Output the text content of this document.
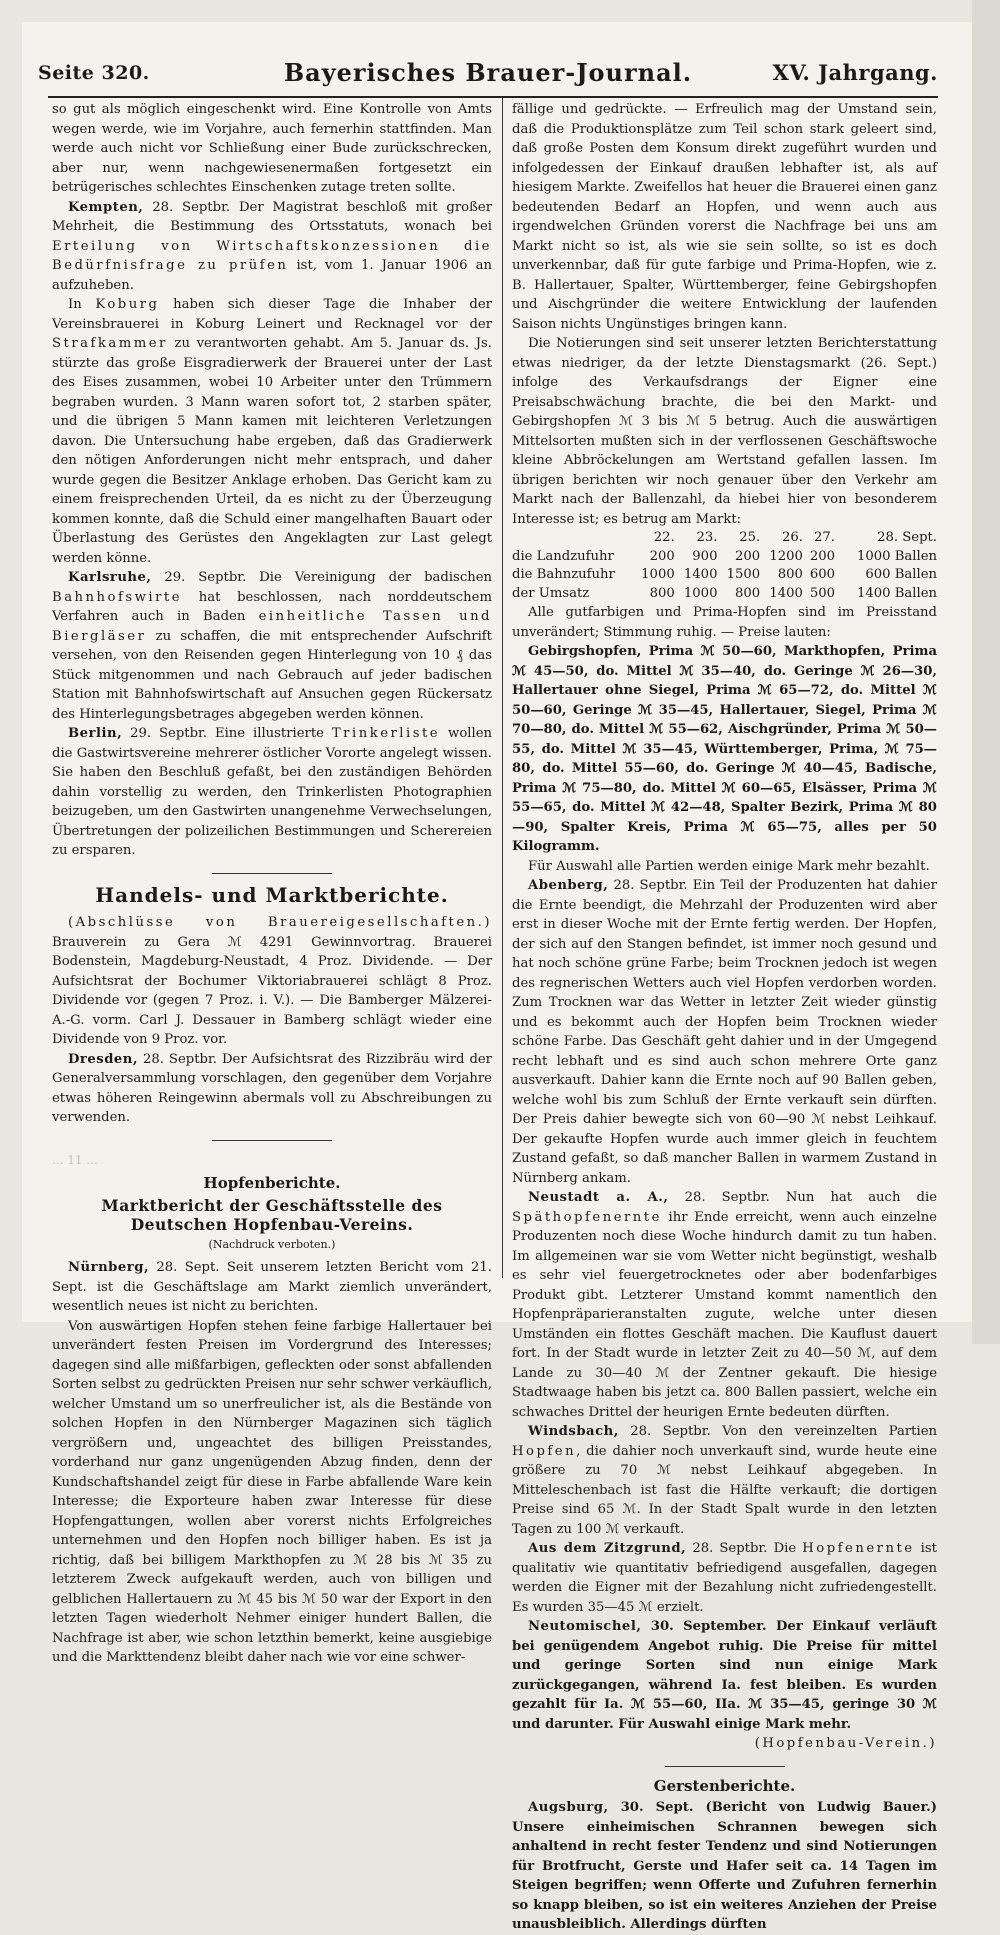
Seite 320.	Bayerisches Brauer-Journal.	XV. Jahrgang.

so gut als möglich eingeschenkt wird. Eine Kontrolle von Amts wegen werde, wie im Vorjahre, auch fernerhin stattfinden. Man werde auch nicht vor Schließung einer Bude zurückschrecken, aber nur, wenn nachgewiesenermaßen fortgesetzt ein betrügerisches schlechtes Einschenken zutage treten sollte.

Kempten, 28. Septbr. Der Magistrat beschloß mit großer Mehrheit, die Bestimmung des Ortsstatuts, wonach bei Erteilung von Wirtschaftskonzessionen die Bedürfnisfrage zu prüfen ist, vom 1. Januar 1906 an aufzuheben.

In Koburg haben sich dieser Tage die Inhaber der Vereinsbrauerei in Koburg Leinert und Recknagel vor der Strafkammer zu verantworten gehabt. Am 5. Januar ds. Js. stürzte das große Eisgradierwerk der Brauerei unter der Last des Eises zusammen, wobei 10 Arbeiter unter den Trümmern begraben wurden. 3 Mann waren sofort tot, 2 starben später, und die übrigen 5 Mann kamen mit leichteren Verletzungen davon. Die Untersuchung habe ergeben, daß das Gradierwerk den nötigen Anforderungen nicht mehr entsprach, und daher wurde gegen die Besitzer Anklage erhoben. Das Gericht kam zu einem freisprechenden Urteil, da es nicht zu der Überzeugung kommen konnte, daß die Schuld einer mangelhaften Bauart oder Überlastung des Gerüstes den Angeklagten zur Last gelegt werden könne.

Karlsruhe, 29. Septbr. Die Vereinigung der badischen Bahnhofswirte hat beschlossen, nach norddeutschem Verfahren auch in Baden einheitliche Tassen und Biergläser zu schaffen, die mit entsprechender Aufschrift versehen, von den Reisenden gegen Hinterlegung von 10 ₰ das Stück mitgenommen und nach Gebrauch auf jeder badischen Station mit Bahnhofswirtschaft auf Ansuchen gegen Rückersatz des Hinterlegungsbetrages abgegeben werden können.

Berlin, 29. Septbr. Eine illustrierte Trinkerliste wollen die Gastwirtsvereine mehrerer östlicher Vororte angelegt wissen. Sie haben den Beschluß gefaßt, bei den zuständigen Behörden dahin vorstellig zu werden, den Trinkerlisten Photographien beizugeben, um den Gastwirten unangenehme Verwechselungen, Übertretungen der polizeilichen Bestimmungen und Scherereien zu ersparen.

Handels- und Marktberichte.

(Abschlüsse von Brauereigesellschaften.) Brauverein zu Gera ℳ 4291 Gewinnvortrag. Brauerei Bodenstein, Magdeburg-Neustadt, 4 Proz. Dividende. — Der Aufsichtsrat der Bochumer Viktoriabrauerei schlägt 8 Proz. Dividende vor (gegen 7 Proz. i. V.). — Die Bamberger Mälzerei-A.-G. vorm. Carl J. Dessauer in Bamberg schlägt wieder eine Dividende von 9 Proz. vor.

Dresden, 28. Septbr. Der Aufsichtsrat des Rizzibräu wird der Generalversammlung vorschlagen, den gegenüber dem Vorjahre etwas höheren Reingewinn abermals voll zu Abschreibungen zu verwenden.

... 11 ...
Hopfenberichte.
Marktbericht der Geschäftsstelle des Deutschen Hopfenbau-Vereins.
(Nachdruck verboten.)

Nürnberg, 28. Sept. Seit unserem letzten Bericht vom 21. Sept. ist die Geschäftslage am Markt ziemlich unverändert, wesentlich neues ist nicht zu berichten.

Von auswärtigen Hopfen stehen feine farbige Hallertauer bei unverändert festen Preisen im Vordergrund des Interesses; dagegen sind alle mißfarbigen, gefleckten oder sonst abfallenden Sorten selbst zu gedrückten Preisen nur sehr schwer verkäuflich, welcher Umstand um so unerfreulicher ist, als die Bestände von solchen Hopfen in den Nürnberger Magazinen sich täglich vergrößern und, ungeachtet des billigen Preisstandes, vorderhand nur ganz ungenügenden Abzug finden, denn der Kundschaftshandel zeigt für diese in Farbe abfallende Ware kein Interesse; die Exporteure haben zwar Interesse für diese Hopfengattungen, wollen aber vorerst nichts Erfolgreiches unternehmen und den Hopfen noch billiger haben. Es ist ja richtig, daß bei billigem Markthopfen zu ℳ 28 bis ℳ 35 zu letzterem Zweck aufgekauft werden, auch von billigen und gelblichen Hallertauern zu ℳ 45 bis ℳ 50 war der Export in den letzten Tagen wiederholt Nehmer einiger hundert Ballen, die Nachfrage ist aber, wie schon letzthin bemerkt, keine ausgiebige und die Markttendenz bleibt daher nach wie vor eine schwer-

fällige und gedrückte. — Erfreulich mag der Umstand sein, daß die Produktionsplätze zum Teil schon stark geleert sind, daß große Posten dem Konsum direkt zugeführt wurden und infolgedessen der Einkauf draußen lebhafter ist, als auf hiesigem Markte. Zweifellos hat heuer die Brauerei einen ganz bedeutenden Bedarf an Hopfen, und wenn auch aus irgendwelchen Gründen vorerst die Nachfrage bei uns am Markt nicht so ist, als wie sie sein sollte, so ist es doch unverkennbar, daß für gute farbige und Prima-Hopfen, wie z. B. Hallertauer, Spalter, Württemberger, feine Gebirgshopfen und Aischgründer die weitere Entwicklung der laufenden Saison nichts Ungünstiges bringen kann.

Die Notierungen sind seit unserer letzten Berichterstattung etwas niedriger, da der letzte Dienstagsmarkt (26. Sept.) infolge des Verkaufsdrangs der Eigner eine Preisabschwächung brachte, die bei den Markt- und Gebirgshopfen ℳ 3 bis ℳ 5 betrug. Auch die auswärtigen Mittelsorten mußten sich in der verflossenen Geschäftswoche kleine Abbröckelungen am Wertstand gefallen lassen. Im übrigen berichten wir noch genauer über den Verkehr am Markt nach der Ballenzahl, da hiebei hier von besonderem Interesse ist; es betrug am Markt:

	22.	23.	25.	26.	27.	28. Sept.
die Landzufuhr	200	900	200	1200	200	1000 Ballen
die Bahnzufuhr	1000	1400	1500	800	600	600 Ballen
der Umsatz	800	1000	800	1400	500	1400 Ballen

Alle gutfarbigen und Prima-Hopfen sind im Preisstand unverändert; Stimmung ruhig. — Preise lauten:

Gebirgshopfen, Prima ℳ 50—60, Markthopfen, Prima ℳ 45—50, do. Mittel ℳ 35—40, do. Geringe ℳ 26—30, Hallertauer ohne Siegel, Prima ℳ 65—72, do. Mittel ℳ 50—60, Geringe ℳ 35—45, Hallertauer, Siegel, Prima ℳ 70—80, do. Mittel ℳ 55—62, Aischgründer, Prima ℳ 50—55, do. Mittel ℳ 35—45, Württemberger, Prima, ℳ 75—80, do. Mittel 55—60, do. Geringe ℳ 40—45, Badische, Prima ℳ 75—80, do. Mittel ℳ 60—65, Elsässer, Prima ℳ 55—65, do. Mittel ℳ 42—48, Spalter Bezirk, Prima ℳ 80—90, Spalter Kreis, Prima ℳ 65—75, alles per 50 Kilogramm.

Für Auswahl alle Partien werden einige Mark mehr bezahlt.

Abenberg, 28. Septbr. Ein Teil der Produzenten hat dahier die Ernte beendigt, die Mehrzahl der Produzenten wird aber erst in dieser Woche mit der Ernte fertig werden. Der Hopfen, der sich auf den Stangen befindet, ist immer noch gesund und hat noch schöne grüne Farbe; beim Trocknen jedoch ist wegen des regnerischen Wetters auch viel Hopfen verdorben worden. Zum Trocknen war das Wetter in letzter Zeit wieder günstig und es bekommt auch der Hopfen beim Trocknen wieder schöne Farbe. Das Geschäft geht dahier und in der Umgegend recht lebhaft und es sind auch schon mehrere Orte ganz ausverkauft. Dahier kann die Ernte noch auf 90 Ballen geben, welche wohl bis zum Schluß der Ernte verkauft sein dürften. Der Preis dahier bewegte sich von 60—90 ℳ nebst Leihkauf. Der gekaufte Hopfen wurde auch immer gleich in feuchtem Zustand gefaßt, so daß mancher Ballen in warmem Zustand in Nürnberg ankam.

Neustadt a. A., 28. Septbr. Nun hat auch die Späthopfenernte ihr Ende erreicht, wenn auch einzelne Produzenten noch diese Woche hindurch damit zu tun haben. Im allgemeinen war sie vom Wetter nicht begünstigt, weshalb es sehr viel feuergetrocknetes oder aber bodenfarbiges Produkt gibt. Letzterer Umstand kommt namentlich den Hopfenpräparieranstalten zugute, welche unter diesen Umständen ein flottes Geschäft machen. Die Kauflust dauert fort. In der Stadt wurde in letzter Zeit zu 40—50 ℳ, auf dem Lande zu 30—40 ℳ der Zentner gekauft. Die hiesige Stadtwaage haben bis jetzt ca. 800 Ballen passiert, welche ein schwaches Drittel der heurigen Ernte bedeuten dürften.

Windsbach, 28. Septbr. Von den vereinzelten Partien Hopfen, die dahier noch unverkauft sind, wurde heute eine größere zu 70 ℳ nebst Leihkauf abgegeben. In Mitteleschenbach ist fast die Hälfte verkauft; die dortigen Preise sind 65 ℳ. In der Stadt Spalt wurde in den letzten Tagen zu 100 ℳ verkauft.

Aus dem Zitzgrund, 28. Septbr. Die Hopfenernte ist qualitativ wie quantitativ befriedigend ausgefallen, dagegen werden die Eigner mit der Bezahlung nicht zufriedengestellt. Es wurden 35—45 ℳ erzielt.

Neutomischel, 30. September. Der Einkauf verläuft bei genügendem Angebot ruhig. Die Preise für mittel und geringe Sorten sind nun einige Mark zurückgegangen, während Ia. fest bleiben. Es wurden gezahlt für Ia. ℳ 55—60, IIa. ℳ 35—45, geringe 30 ℳ und darunter. Für Auswahl einige Mark mehr.

(Hopfenbau-Verein.)

Gerstenberichte.

Augsburg, 30. Sept. (Bericht von Ludwig Bauer.) Unsere einheimischen Schrannen bewegen sich anhaltend in recht fester Tendenz und sind Notierungen für Brotfrucht, Gerste und Hafer seit ca. 14 Tagen im Steigen begriffen; wenn Offerte und Zufuhren fernerhin so knapp bleiben, so ist ein weiteres Anziehen der Preise unausbleiblich. Allerdings dürften
